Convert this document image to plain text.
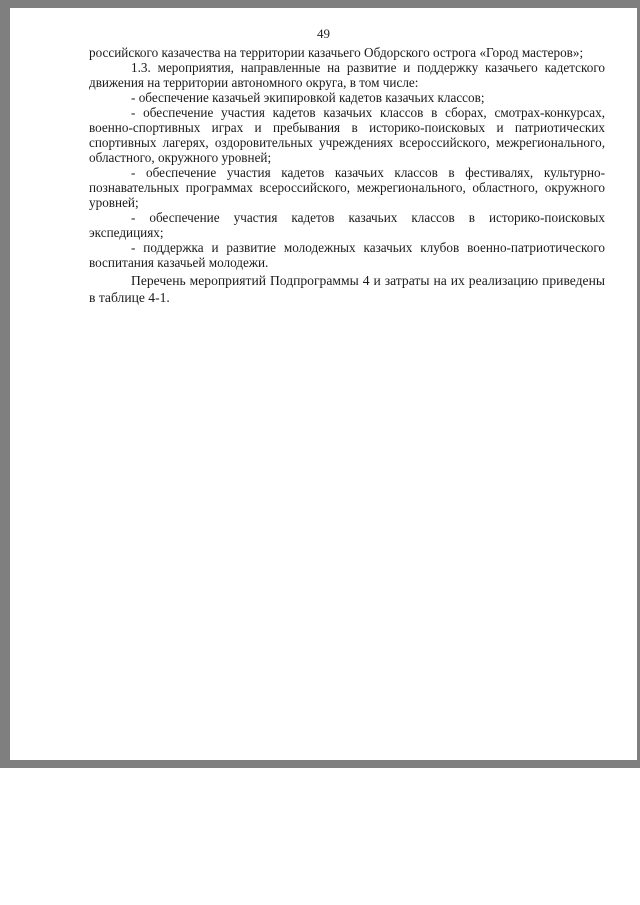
49

российского казачества на территории казачьего Обдорского острога «Город мастеров»;

1.3. мероприятия, направленные на развитие и поддержку казачьего кадетского движения на территории автономного округа, в том числе:

- обеспечение казачьей экипировкой кадетов казачьих классов;

- обеспечение участия кадетов казачьих классов в сборах, смотрах-конкурсах, военно-спортивных играх и пребывания в историко-поисковых и патриотических спортивных лагерях, оздоровительных учреждениях всероссийского, межрегионального, областного, окружного уровней;

- обеспечение участия кадетов казачьих классов в фестивалях, культурно-познавательных программах всероссийского, межрегионального, областного, окружного уровней;

- обеспечение участия кадетов казачьих классов в историко-поисковых экспедициях;

- поддержка и развитие молодежных казачьих клубов военно-патриотического воспитания казачьей молодежи.

Перечень мероприятий Подпрограммы 4 и затраты на их реализацию приведены в таблице 4-1.
